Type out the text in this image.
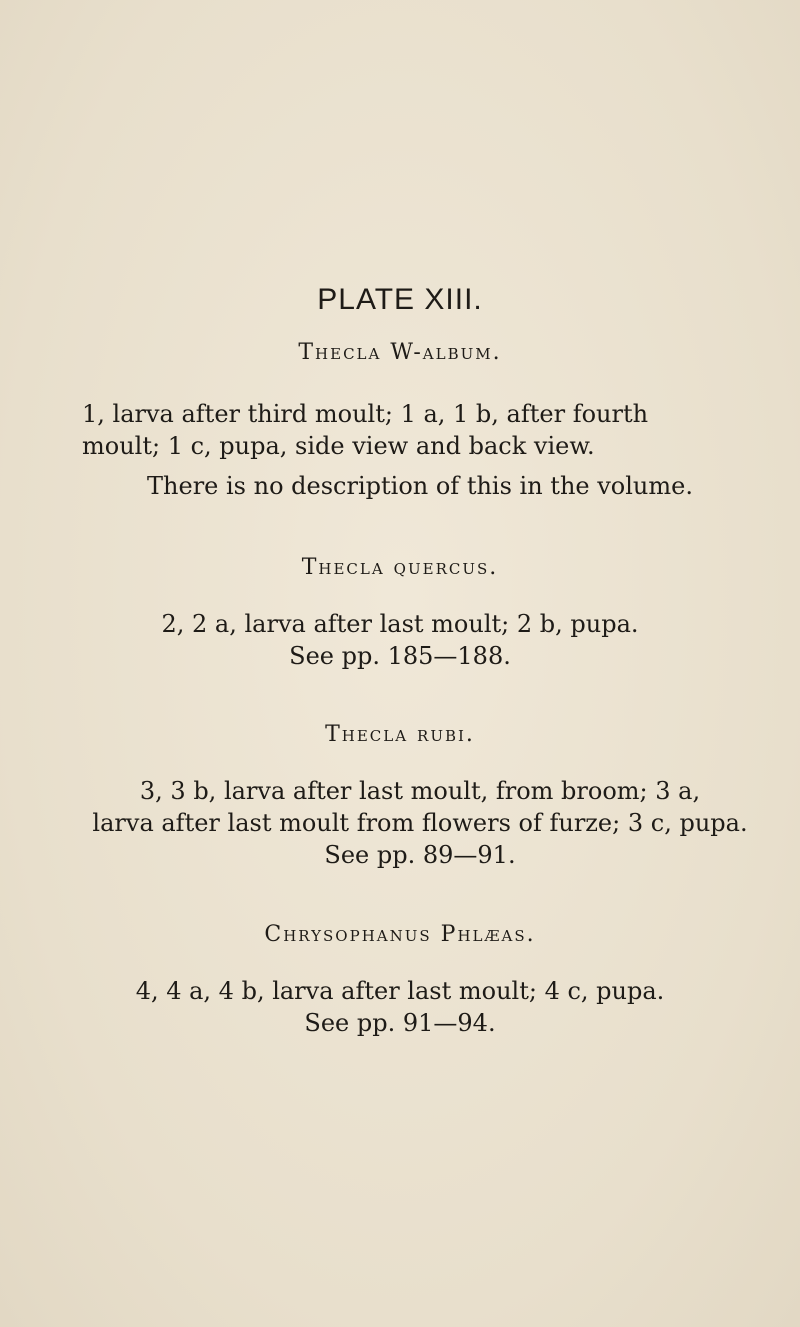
PLATE XIII.
Thecla W-album.
1, larva after third moult; 1 a, 1 b, after fourth
moult; 1 c, pupa, side view and back view.
There is no description of this in the volume.
Thecla quercus.
2, 2 a, larva after last moult; 2 b, pupa.
See pp. 185—188.
Thecla rubi.
3, 3 b, larva after last moult, from broom; 3 a,
larva after last moult from flowers of furze; 3 c, pupa.
See pp. 89—91.
Chrysophanus Phlæas.
4, 4 a, 4 b, larva after last moult; 4 c, pupa.
See pp. 91—94.
